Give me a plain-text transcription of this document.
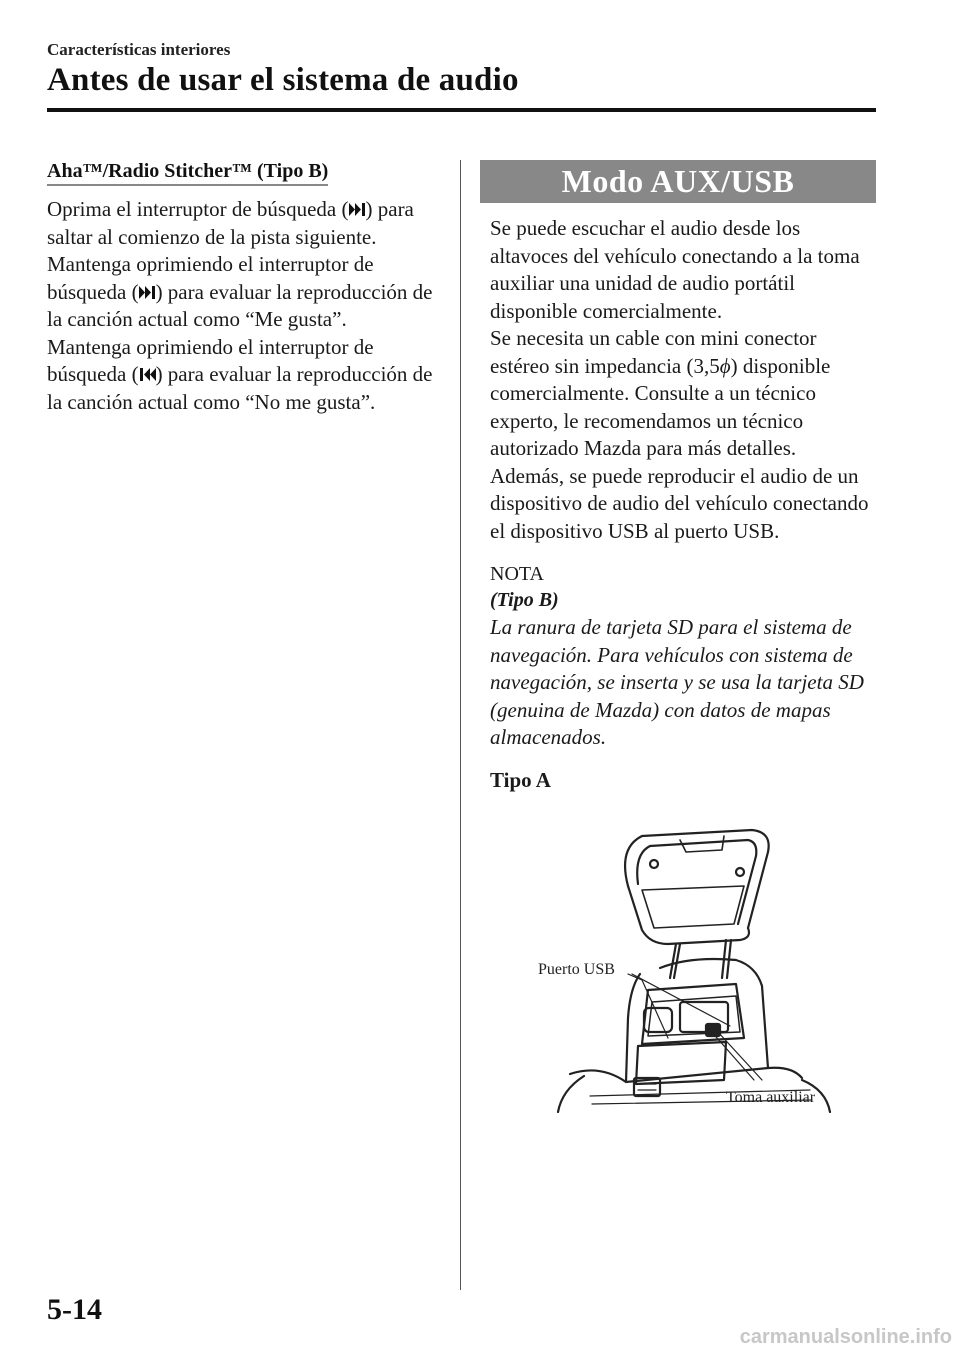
Características interiores
Antes de usar el sistema de audio
Aha™/Radio Stitcher™ (Tipo B)

Oprima el interruptor de búsqueda ( ) para saltar al comienzo de la pista siguiente.

Mantenga oprimiendo el interruptor de búsqueda ( ) para evaluar la reproducción de la canción actual como “Me gusta”.

Mantenga oprimiendo el interruptor de búsqueda ( ) para evaluar la reproducción de la canción actual como “No me gusta”.

Modo AUX/USB

Se puede escuchar el audio desde los altavoces del vehículo conectando a la toma auxiliar una unidad de audio portátil disponible comercialmente.

Se necesita un cable con mini conector estéreo sin impedancia (3,5ϕ) disponible comercialmente. Consulte a un técnico experto, le recomendamos un técnico autorizado Mazda para más detalles.

Además, se puede reproducir el audio de un dispositivo de audio del vehículo conectando el dispositivo USB al puerto USB.

NOTA
(Tipo B)

La ranura de tarjeta SD para el sistema de navegación. Para vehículos con sistema de navegación, se inserta y se usa la tarjeta SD (genuina de Mazda) con datos de mapas almacenados.

Tipo A
Puerto USB
Toma auxiliar
5-14
carmanualsonline.info
